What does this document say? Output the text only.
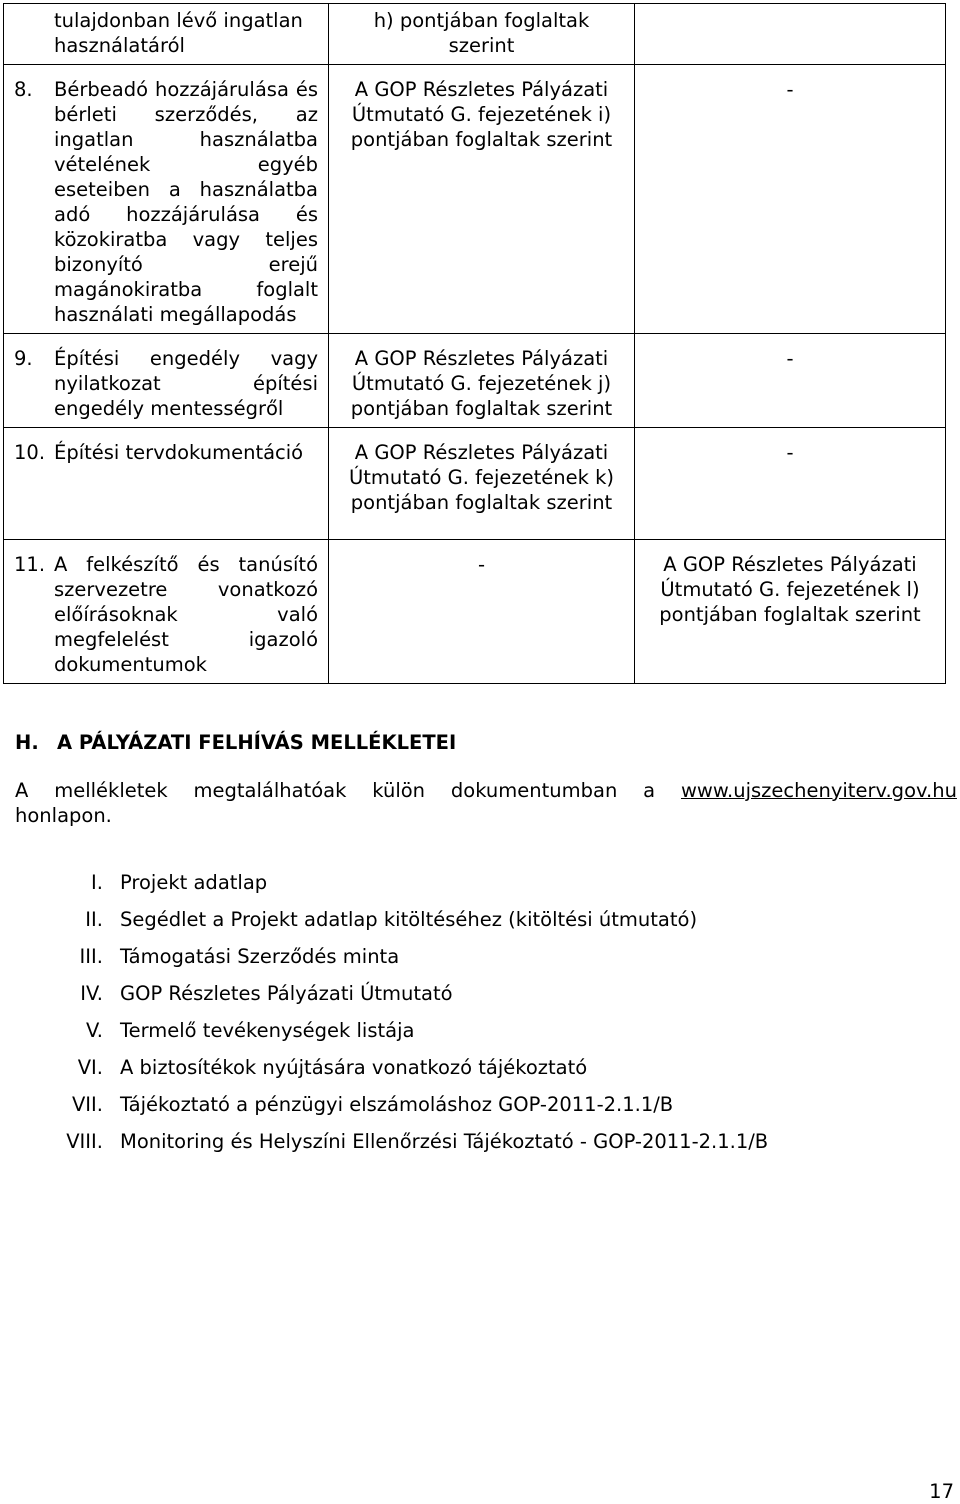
tulajdonban lévő ingatlan használatáról	h) pontjában foglaltak szerint	

8. Bérbeadó hozzájárulása és bérleti szerződés, az ingatlan használatba vételének egyéb eseteiben a használatba adó hozzájárulása és közokiratba vagy teljes bizonyító erejű magánokiratba foglalt használati megállapodás	A GOP Részletes Pályázati Útmutató G. fejezetének i) pontjában foglaltak szerint	-

9. Építési engedély vagy nyilatkozat építési engedély mentességről	A GOP Részletes Pályázati Útmutató G. fejezetének j) pontjában foglaltak szerint	-

10. Építési tervdokumentáció	A GOP Részletes Pályázati Útmutató G. fejezetének k) pontjában foglaltak szerint	-

11. A felkészítő és tanúsító szervezetre vonatkozó előírásoknak való megfelelést igazoló dokumentumok	-	A GOP Részletes Pályázati Útmutató G. fejezetének l) pontjában foglaltak szerint
H. A PÁLYÁZATI FELHÍVÁS MELLÉKLETEI
A mellékletek megtalálhatóak külön dokumentumban a www.ujszechenyiterv.gov.hu
honlapon.
I. Projekt adatlap
II. Segédlet a Projekt adatlap kitöltéséhez (kitöltési útmutató)
III. Támogatási Szerződés minta
IV. GOP Részletes Pályázati Útmutató
V. Termelő tevékenységek listája
VI. A biztosítékok nyújtására vonatkozó tájékoztató
VII. Tájékoztató a pénzügyi elszámoláshoz GOP-2011-2.1.1/B
VIII. Monitoring és Helyszíni Ellenőrzési Tájékoztató - GOP-2011-2.1.1/B
17
